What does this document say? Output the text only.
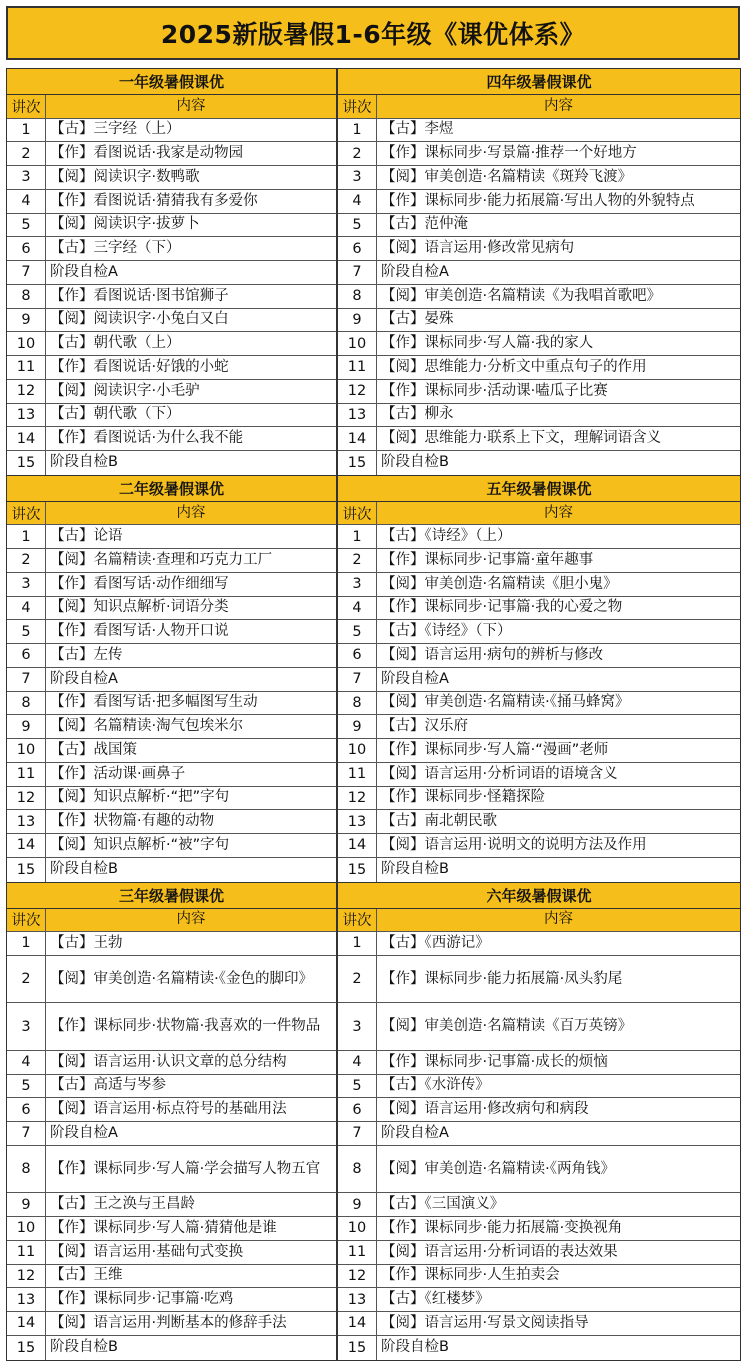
2025新版暑假1-6年级《课优体系》
一年级暑假课优
讲次	内容
1	【古】三字经（上）
2	【作】看图说话·我家是动物园
3	【阅】阅读识字·数鸭歌
4	【作】看图说话·猜猜我有多爱你
5	【阅】阅读识字·拔萝卜
6	【古】三字经（下）
7	阶段自检A
8	【作】看图说话·图书馆狮子
9	【阅】阅读识字·小兔白又白
10	【古】朝代歌（上）
11	【作】看图说话·好饿的小蛇
12	【阅】阅读识字·小毛驴
13	【古】朝代歌（下）
14	【作】看图说话·为什么我不能
15	阶段自检B
二年级暑假课优
讲次	内容
1	【古】论语
2	【阅】名篇精读·查理和巧克力工厂
3	【作】看图写话·动作细细写
4	【阅】知识点解析·词语分类
5	【作】看图写话·人物开口说
6	【古】左传
7	阶段自检A
8	【作】看图写话·把多幅图写生动
9	【阅】名篇精读·淘气包埃米尔
10	【古】战国策
11	【作】活动课·画鼻子
12	【阅】知识点解析·“把”字句
13	【作】状物篇·有趣的动物
14	【阅】知识点解析·“被”字句
15	阶段自检B
三年级暑假课优
讲次	内容
1	【古】王勃
2	【阅】审美创造·名篇精读·《金色的脚印》
3	【作】课标同步·状物篇·我喜欢的一件物品
4	【阅】语言运用·认识文章的总分结构
5	【古】高适与岑参
6	【阅】语言运用·标点符号的基础用法
7	阶段自检A
8	【作】课标同步·写人篇·学会描写人物五官
9	【古】王之涣与王昌龄
10	【作】课标同步·写人篇·猜猜他是谁
11	【阅】语言运用·基础句式变换
12	【古】王维
13	【作】课标同步·记事篇·吃鸡
14	【阅】语言运用·判断基本的修辞手法
15	阶段自检B
四年级暑假课优
讲次	内容
1	【古】李煜
2	【作】课标同步·写景篇·推荐一个好地方
3	【阅】审美创造·名篇精读《斑羚飞渡》
4	【作】课标同步·能力拓展篇·写出人物的外貌特点
5	【古】范仲淹
6	【阅】语言运用·修改常见病句
7	阶段自检A
8	【阅】审美创造·名篇精读《为我唱首歌吧》
9	【古】晏殊
10	【作】课标同步·写人篇·我的家人
11	【阅】思维能力·分析文中重点句子的作用
12	【作】课标同步·活动课·嗑瓜子比赛
13	【古】柳永
14	【阅】思维能力·联系上下文，理解词语含义
15	阶段自检B
五年级暑假课优
讲次	内容
1	【古】《诗经》（上）
2	【作】课标同步·记事篇·童年趣事
3	【阅】审美创造·名篇精读《胆小鬼》
4	【作】课标同步·记事篇·我的心爱之物
5	【古】《诗经》（下）
6	【阅】语言运用·病句的辨析与修改
7	阶段自检A
8	【阅】审美创造·名篇精读·《捅马蜂窝》
9	【古】汉乐府
10	【作】课标同步·写人篇·“漫画”老师
11	【阅】语言运用·分析词语的语境含义
12	【作】课标同步·怪籍探险
13	【古】南北朝民歌
14	【阅】语言运用·说明文的说明方法及作用
15	阶段自检B
六年级暑假课优
讲次	内容
1	【古】《西游记》
2	【作】课标同步·能力拓展篇·凤头豹尾
3	【阅】审美创造·名篇精读《百万英镑》
4	【作】课标同步·记事篇·成长的烦恼
5	【古】《水浒传》
6	【阅】语言运用·修改病句和病段
7	阶段自检A
8	【阅】审美创造·名篇精读·《两角钱》
9	【古】《三国演义》
10	【作】课标同步·能力拓展篇·变换视角
11	【阅】语言运用·分析词语的表达效果
12	【作】课标同步·人生拍卖会
13	【古】《红楼梦》
14	【阅】语言运用·写景文阅读指导
15	阶段自检B
